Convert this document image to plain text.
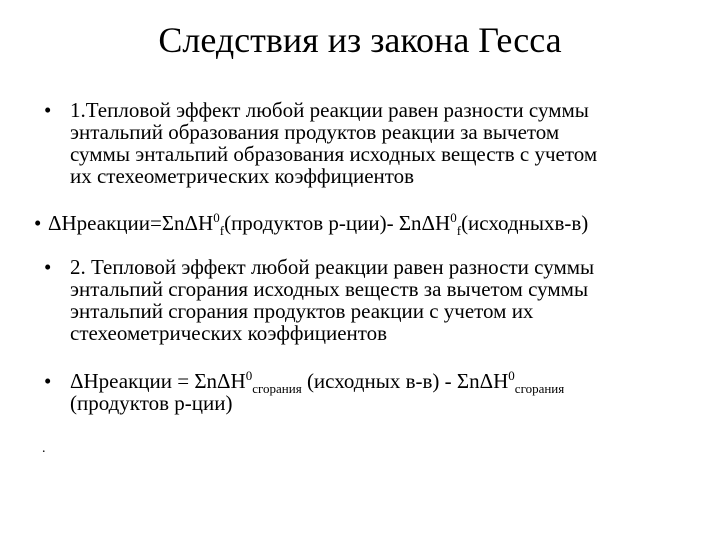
Следствия из закона Гесса
• 1.Тепловой эффект любой реакции равен разности суммы
энтальпий образования продуктов реакции за вычетом
суммы энтальпий образования исходных веществ с учетом
их стехеометрических коэффициентов
• ΔHреакции=ΣnΔH$^0_f$(продуктов р-ции)- ΣnΔH$^0_f$(исходныхв-в)
• 2. Тепловой эффект любой реакции равен разности суммы
энтальпий сгорания исходных веществ за вычетом суммы
энтальпий сгорания продуктов реакции с учетом их
стехеометрических коэффициентов
• ΔHреакции = ΣnΔH$^0_{сгорания}$ (исходных в-в) - ΣnΔH$^0_{сгорания}$
(продуктов р-ции)
.
